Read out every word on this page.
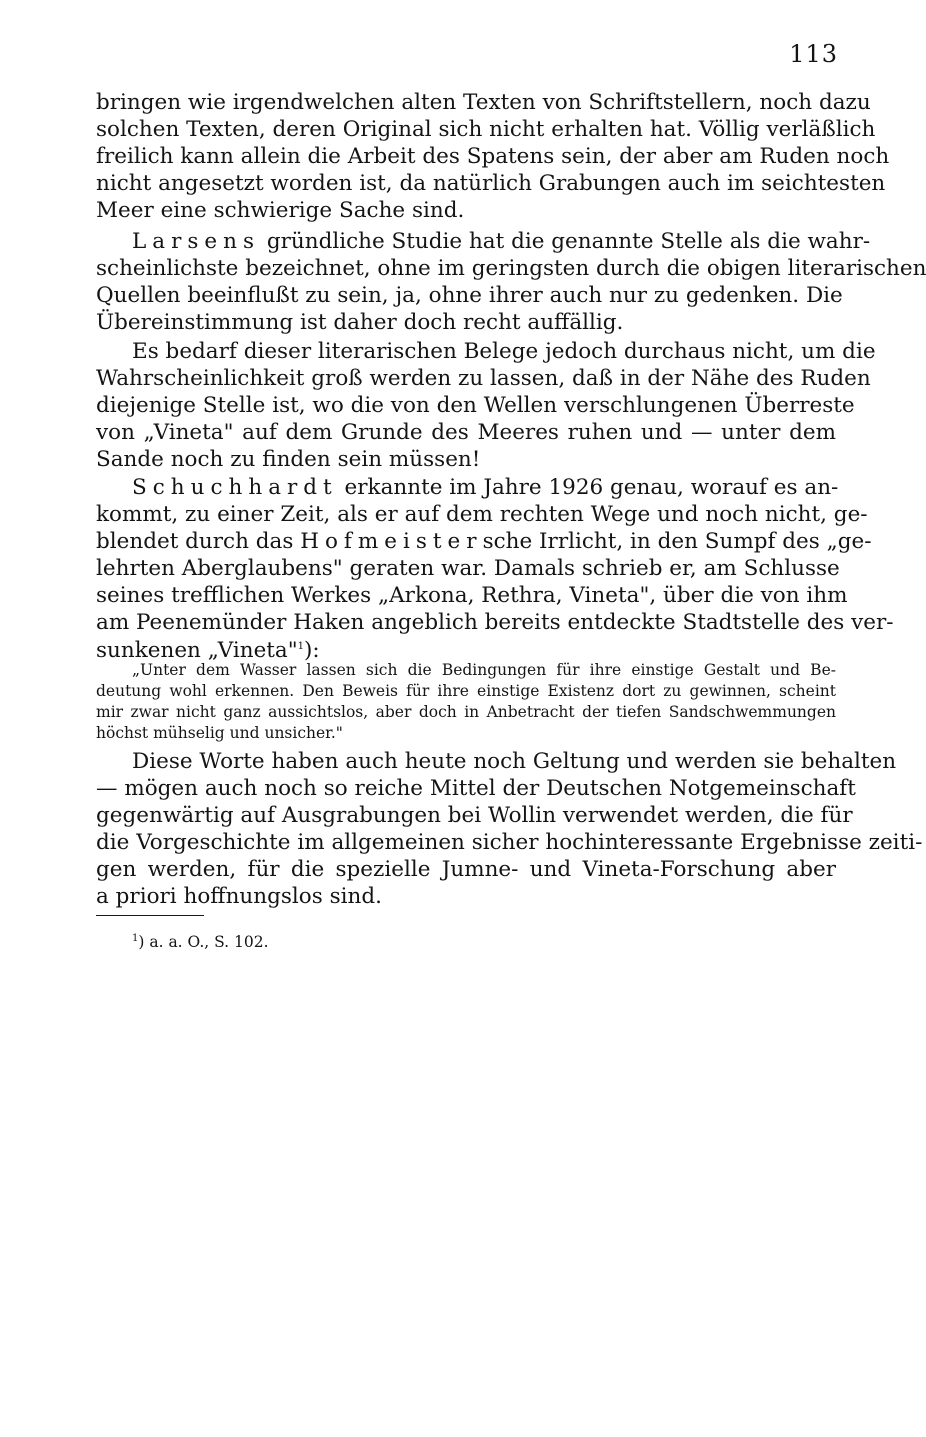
113
bringen wie irgendwelchen alten Texten von Schriftstellern, noch dazu
solchen Texten, deren Original sich nicht erhalten hat. Völlig verläßlich
freilich kann allein die Arbeit des Spatens sein, der aber am Ruden noch
nicht angesetzt worden ist, da natürlich Grabungen auch im seichtesten
Meer eine schwierige Sache sind.
Larsens gründliche Studie hat die genannte Stelle als die wahr-
scheinlichste bezeichnet, ohne im geringsten durch die obigen literarischen
Quellen beeinflußt zu sein, ja, ohne ihrer auch nur zu gedenken. Die
Übereinstimmung ist daher doch recht auffällig.
Es bedarf dieser literarischen Belege jedoch durchaus nicht, um die
Wahrscheinlichkeit groß werden zu lassen, daß in der Nähe des Ruden
diejenige Stelle ist, wo die von den Wellen verschlungenen Überreste
von „Vineta" auf dem Grunde des Meeres ruhen und — unter dem
Sande noch zu finden sein müssen!
Schuchhardt erkannte im Jahre 1926 genau, worauf es an-
kommt, zu einer Zeit, als er auf dem rechten Wege und noch nicht, ge-
blendet durch das Hofmeistersche Irrlicht, in den Sumpf des „ge-
lehrten Aberglaubens" geraten war. Damals schrieb er, am Schlusse
seines trefflichen Werkes „Arkona, Rethra, Vineta", über die von ihm
am Peenemünder Haken angeblich bereits entdeckte Stadtstelle des ver-
sunkenen „Vineta"$^1$):
„Unter dem Wasser lassen sich die Bedingungen für ihre einstige Gestalt und Be-
deutung wohl erkennen. Den Beweis für ihre einstige Existenz dort zu gewinnen, scheint
mir zwar nicht ganz aussichtslos, aber doch in Anbetracht der tiefen Sandschwemmungen
höchst mühselig und unsicher."
Diese Worte haben auch heute noch Geltung und werden sie behalten
— mögen auch noch so reiche Mittel der Deutschen Notgemeinschaft
gegenwärtig auf Ausgrabungen bei Wollin verwendet werden, die für
die Vorgeschichte im allgemeinen sicher hochinteressante Ergebnisse zeiti-
gen werden, für die spezielle Jumne- und Vineta-Forschung aber
a priori hoffnungslos sind.
$^1$) a. a. O., S. 102.
